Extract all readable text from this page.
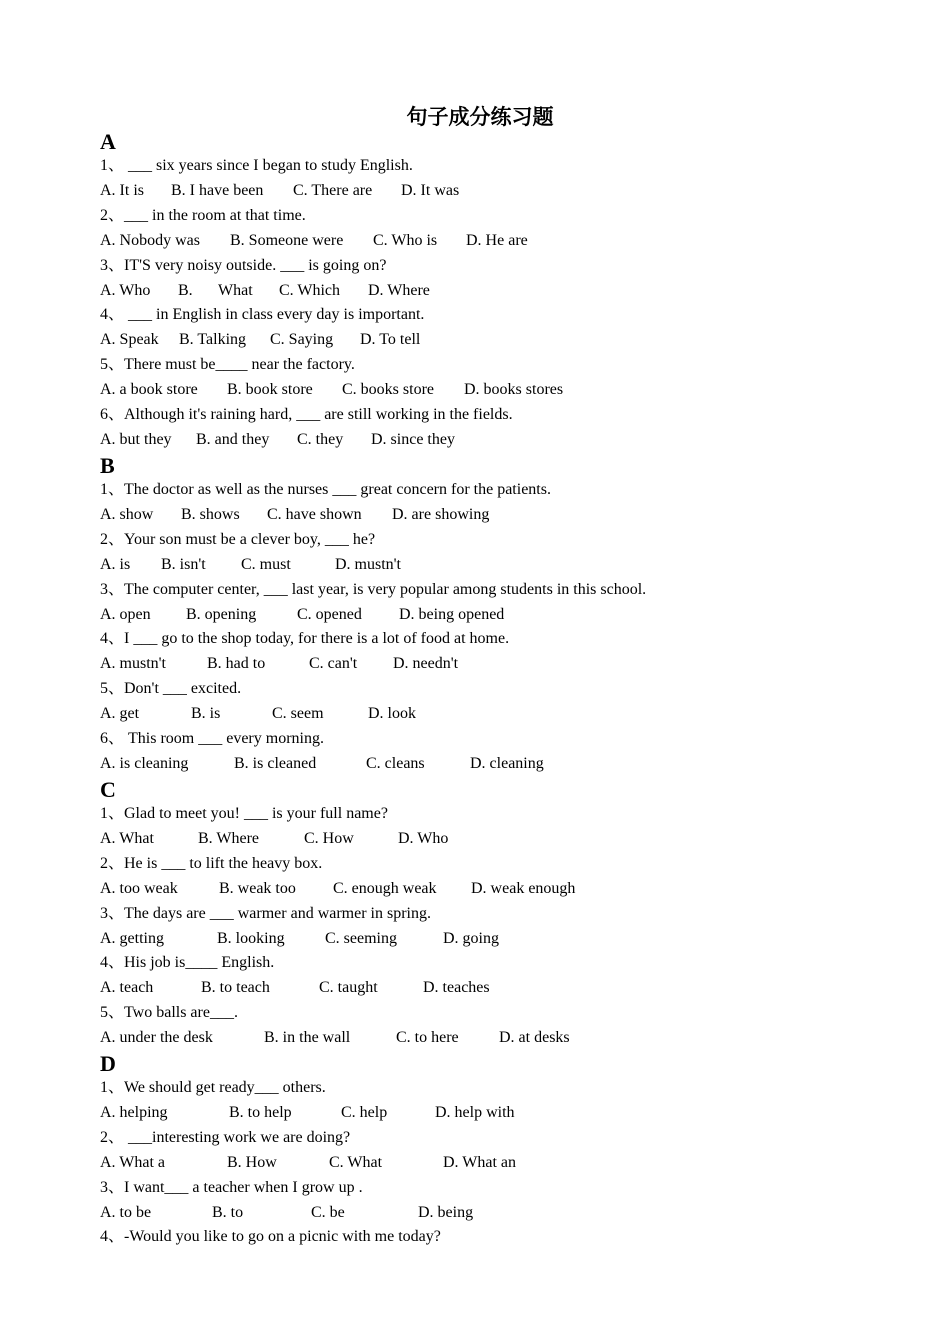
句子成分练习题
A
1、 ___ six years since I began to study English.
A. It is B. I have been C. There are D. It was
2、___ in the room at that time.
A. Nobody was B. Someone were C. Who is D. He are
3、IT'S very noisy outside. ___ is going on?
A. Who B. What C. Which D. Where
4、 ___ in English in class every day is important.
A. Speak B. Talking C. Saying D. To tell
5、There must be____ near the factory.
A. a book store B. book store C. books store D. books stores
6、Although it's raining hard, ___ are still working in the fields.
A. but they B. and they C. they D. since they
B
1、The doctor as well as the nurses ___ great concern for the patients.
A. show B. shows C. have shown D. are showing
2、Your son must be a clever boy, ___ he?
A. is B. isn't C. must	D. mustn't
3、The computer center, ___ last year, is very popular among students in this school.
A. open B. opening	C. opened D. being opened
4、I ___ go to the shop today, for there is a lot of food at home.
A. mustn't	B. had to	C. can't D. needn't
5、Don't ___ excited.
A. get	B. is	C. seem	D. look
6、 This room ___ every morning.
A. is cleaning	B. is cleaned	C. cleans	D. cleaning
C
1、Glad to meet you! ___ is your full name?
A. What	B. Where	C. How	D. Who
2、He is ___ to lift the heavy box.
A. too weak	B. weak too C. enough weak D. weak enough
3、The days are ___ warmer and warmer in spring.
A. getting	B. looking	C. seeming	D. going
4、His job is____ English.
A. teach	B. to teach	C. taught	D. teaches
5、Two balls are___.
A. under the desk	B. in the wall	C. to here	D. at desks
D
1、We should get ready___ others.
A. helping	B. to help	C. help	D. help with
2、 ___interesting work we are doing?
A. What a	B. How	C. What	D. What an
3、I want___ a teacher when I grow up .
A. to be	B. to	C. be	D. being
4、-Would you like to go on a picnic with me today?
